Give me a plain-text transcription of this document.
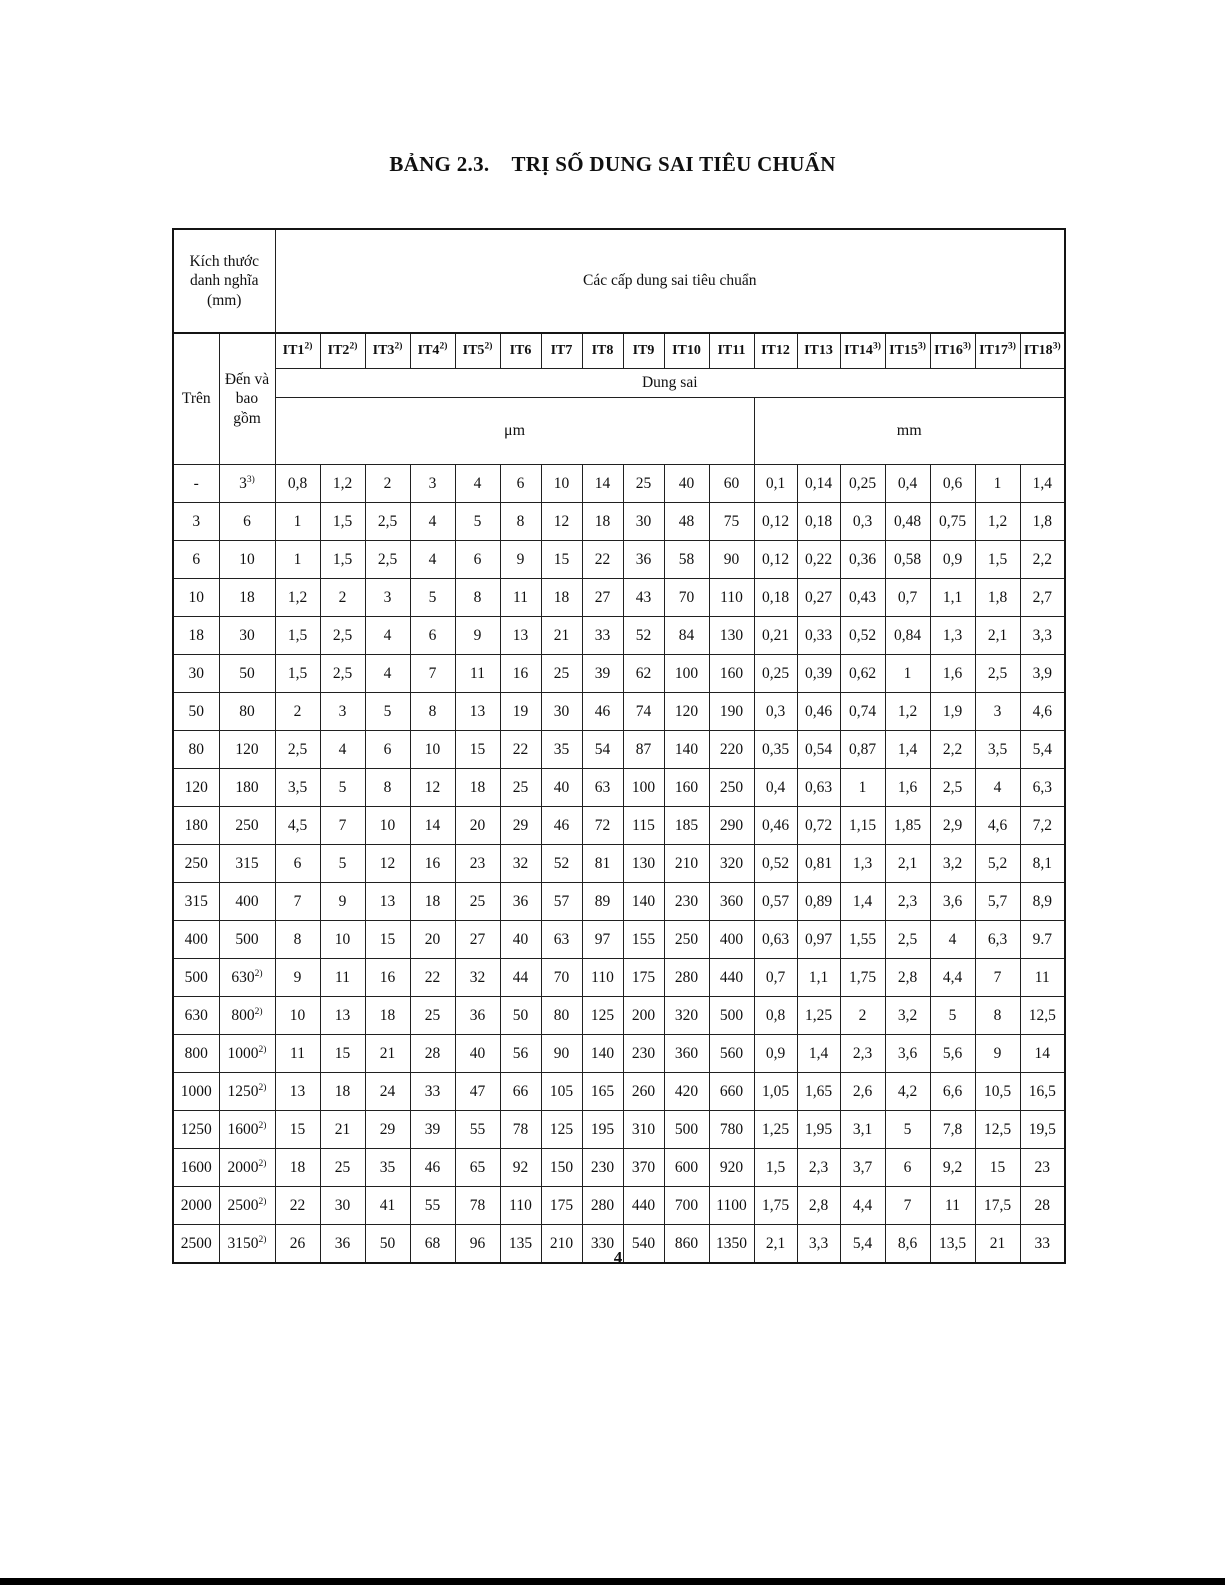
BẢNG 2.3. TRỊ SỐ DUNG SAI TIÊU CHUẨN
Kích thước danh nghĩa (mm)		Các cấp dung sai tiêu chuẩn																	
Trên	Đến và bao gồm	IT1$^{2)}$	IT2$^{2)}$	IT3$^{2)}$	IT4$^{2)}$	IT5$^{2)}$	IT6	IT7	IT8	IT9	IT10	IT11	IT12	IT13	IT14$^{3)}$	IT15$^{3)}$	IT16$^{3)}$	IT17$^{3)}$	IT18$^{3)}$
		Dung sai																	
		μm											mm						
-	3$^{3)}$	0,8	1,2	2	3	4	6	10	14	25	40	60	0,1	0,14	0,25	0,4	0,6	1	1,4
3	6	1	1,5	2,5	4	5	8	12	18	30	48	75	0,12	0,18	0,3	0,48	0,75	1,2	1,8
6	10	1	1,5	2,5	4	6	9	15	22	36	58	90	0,12	0,22	0,36	0,58	0,9	1,5	2,2
10	18	1,2	2	3	5	8	11	18	27	43	70	110	0,18	0,27	0,43	0,7	1,1	1,8	2,7
18	30	1,5	2,5	4	6	9	13	21	33	52	84	130	0,21	0,33	0,52	0,84	1,3	2,1	3,3
30	50	1,5	2,5	4	7	11	16	25	39	62	100	160	0,25	0,39	0,62	1	1,6	2,5	3,9
50	80	2	3	5	8	13	19	30	46	74	120	190	0,3	0,46	0,74	1,2	1,9	3	4,6
80	120	2,5	4	6	10	15	22	35	54	87	140	220	0,35	0,54	0,87	1,4	2,2	3,5	5,4
120	180	3,5	5	8	12	18	25	40	63	100	160	250	0,4	0,63	1	1,6	2,5	4	6,3
180	250	4,5	7	10	14	20	29	46	72	115	185	290	0,46	0,72	1,15	1,85	2,9	4,6	7,2
250	315	6	5	12	16	23	32	52	81	130	210	320	0,52	0,81	1,3	2,1	3,2	5,2	8,1
315	400	7	9	13	18	25	36	57	89	140	230	360	0,57	0,89	1,4	2,3	3,6	5,7	8,9
400	500	8	10	15	20	27	40	63	97	155	250	400	0,63	0,97	1,55	2,5	4	6,3	9.7
500	630$^{2)}$	9	11	16	22	32	44	70	110	175	280	440	0,7	1,1	1,75	2,8	4,4	7	11
630	800$^{2)}$	10	13	18	25	36	50	80	125	200	320	500	0,8	1,25	2	3,2	5	8	12,5
800	1000$^{2)}$	11	15	21	28	40	56	90	140	230	360	560	0,9	1,4	2,3	3,6	5,6	9	14
1000	1250$^{2)}$	13	18	24	33	47	66	105	165	260	420	660	1,05	1,65	2,6	4,2	6,6	10,5	16,5
1250	1600$^{2)}$	15	21	29	39	55	78	125	195	310	500	780	1,25	1,95	3,1	5	7,8	12,5	19,5
1600	2000$^{2)}$	18	25	35	46	65	92	150	230	370	600	920	1,5	2,3	3,7	6	9,2	15	23
2000	2500$^{2)}$	22	30	41	55	78	110	175	280	440	700	1100	1,75	2,8	4,4	7	11	17,5	28
2500	3150$^{2)}$	26	36	50	68	96	135	210	330	540	860	1350	2,1	3,3	5,4	8,6	13,5	21	33
4
